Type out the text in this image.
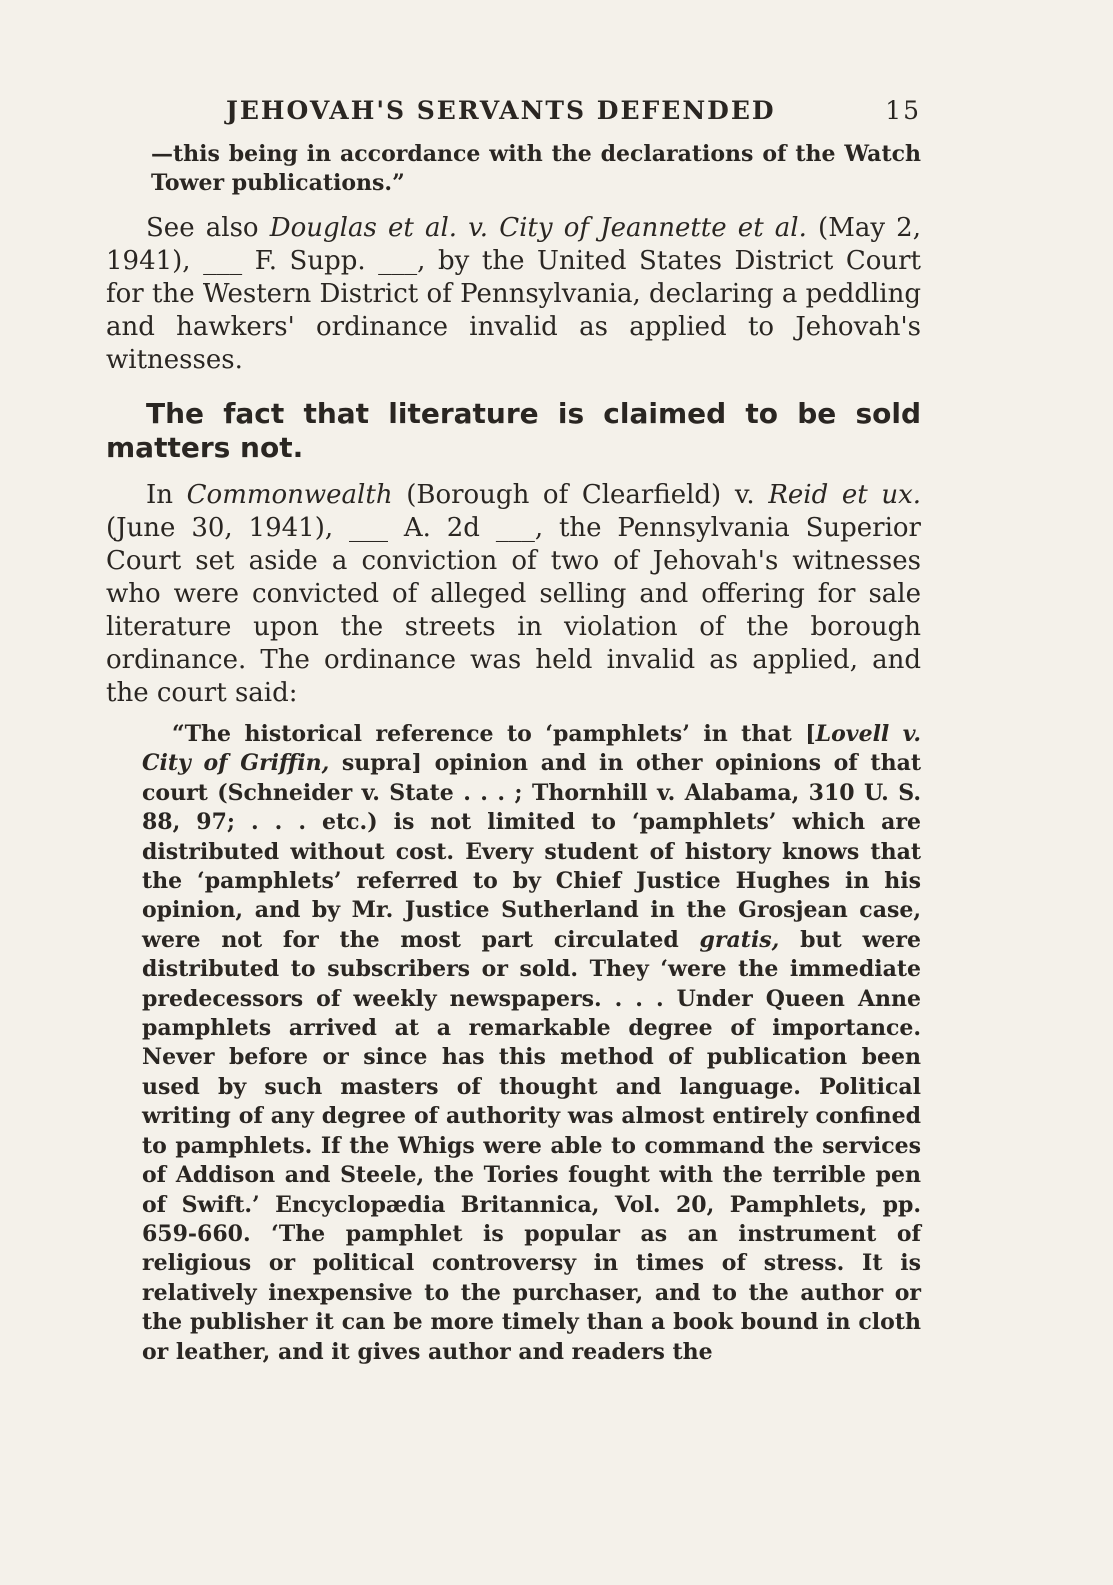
JEHOVAH'S SERVANTS DEFENDED	15

—this being in accordance with the declarations of the Watch Tower publications.”

See also Douglas et al. v. City of Jeannette et al. (May 2, 1941), ___ F. Supp. ___, by the United States District Court for the Western District of Pennsylvania, declaring a peddling and hawkers' ordinance invalid as applied to Jehovah's witnesses.

The fact that literature is claimed to be sold matters not.

In Commonwealth (Borough of Clearfield) v. Reid et ux. (June 30, 1941), ___ A. 2d ___, the Pennsylvania Superior Court set aside a conviction of two of Jehovah's witnesses who were convicted of alleged selling and offering for sale literature upon the streets in violation of the borough ordinance. The ordinance was held invalid as applied, and the court said:

“The historical reference to ‘pamphlets’ in that [Lovell v. City of Griffin, supra] opinion and in other opinions of that court (Schneider v. State . . . ; Thornhill v. Alabama, 310 U. S. 88, 97; . . . etc.) is not limited to ‘pamphlets’ which are distributed without cost. Every student of history knows that the ‘pamphlets’ referred to by Chief Justice Hughes in his opinion, and by Mr. Justice Sutherland in the Grosjean case, were not for the most part circulated gratis, but were distributed to subscribers or sold. They ‘were the immediate predecessors of weekly newspapers. . . . Under Queen Anne pamphlets arrived at a remarkable degree of importance. Never before or since has this method of publication been used by such masters of thought and language. Political writing of any degree of authority was almost entirely confined to pamphlets. If the Whigs were able to command the services of Addison and Steele, the Tories fought with the terrible pen of Swift.’ Encyclopædia Britannica, Vol. 20, Pamphlets, pp. 659-660. ‘The pamphlet is popular as an instrument of religious or political controversy in times of stress. It is relatively inexpensive to the purchaser, and to the author or the publisher it can be more timely than a book bound in cloth or leather, and it gives author and readers the
